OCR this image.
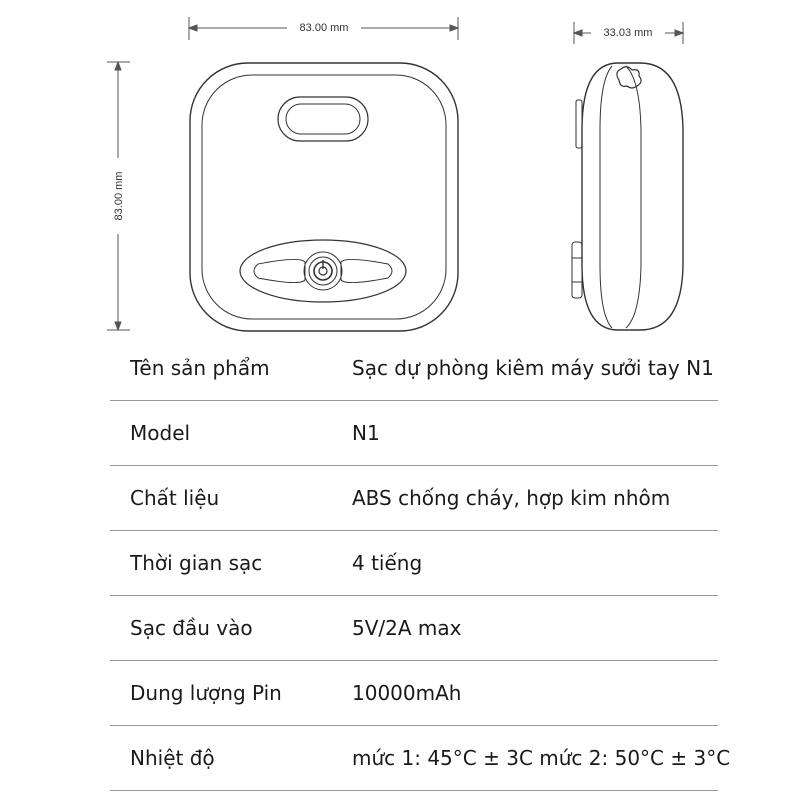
83.00 mm
83.00 mm
33.03 mm
Tên sản phẩm	Sạc dự phòng kiêm máy sưởi tay N1
Model	N1
Chất liệu	ABS chống cháy, hợp kim nhôm
Thời gian sạc	4 tiếng
Sạc đầu vào	5V/2A max
Dung lượng Pin	10000mAh
Nhiệt độ	mức 1: 45°C ± 3C mức 2: 50°C ± 3°C
